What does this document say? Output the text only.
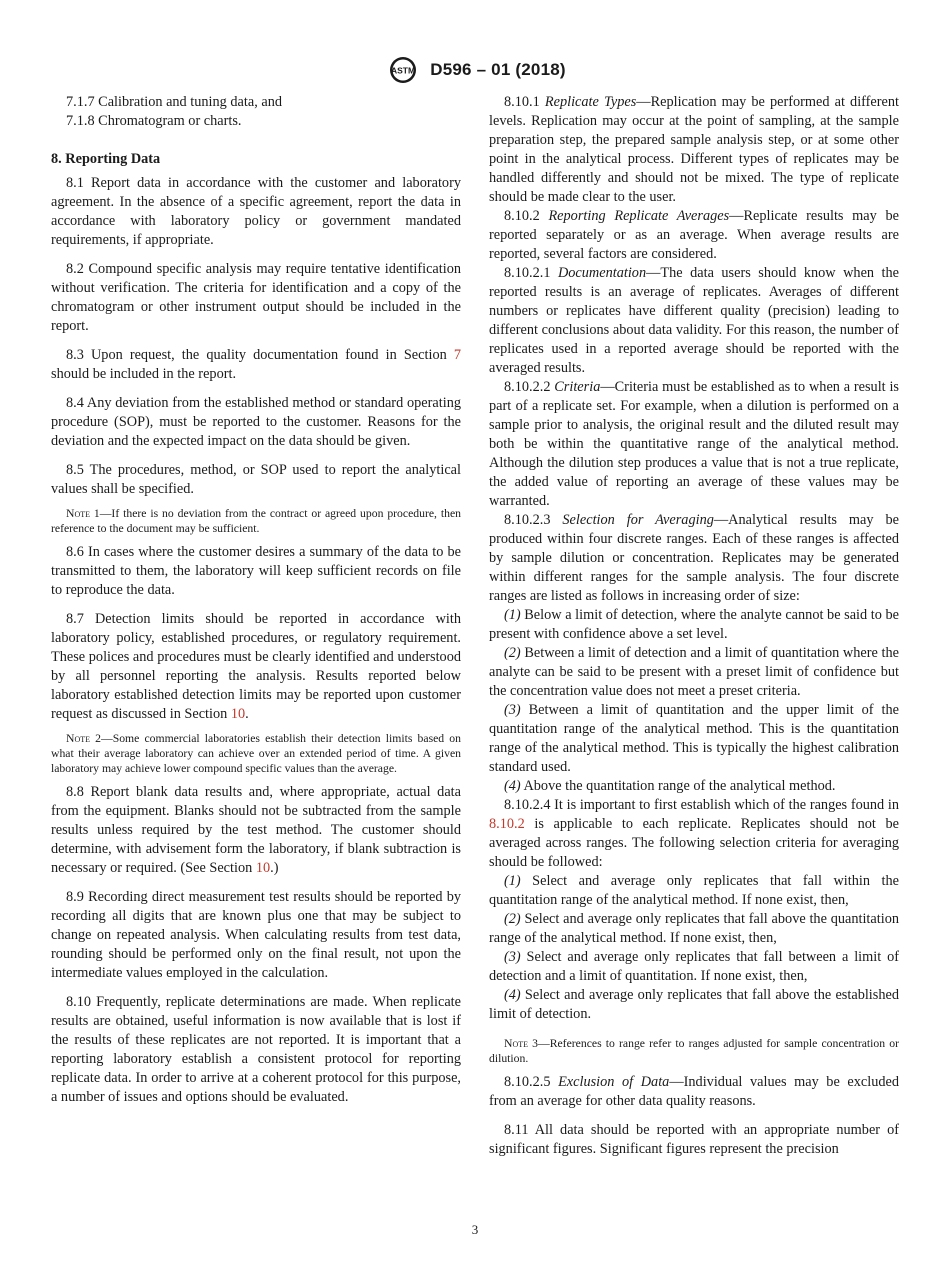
ASTM D596 – 01 (2018)

7.1.7 Calibration and tuning data, and

7.1.8 Chromatogram or charts.

8. Reporting Data

8.1 Report data in accordance with the customer and laboratory agreement. In the absence of a specific agreement, report the data in accordance with laboratory policy or government mandated requirements, if appropriate.

8.2 Compound specific analysis may require tentative identification without verification. The criteria for identification and a copy of the chromatogram or other instrument output should be included in the report.

8.3 Upon request, the quality documentation found in Section 7 should be included in the report.

8.4 Any deviation from the established method or standard operating procedure (SOP), must be reported to the customer. Reasons for the deviation and the expected impact on the data should be given.

8.5 The procedures, method, or SOP used to report the analytical values shall be specified.

Note 1—If there is no deviation from the contract or agreed upon procedure, then reference to the document may be sufficient.

8.6 In cases where the customer desires a summary of the data to be transmitted to them, the laboratory will keep sufficient records on file to reproduce the data.

8.7 Detection limits should be reported in accordance with laboratory policy, established procedures, or regulatory requirement. These polices and procedures must be clearly identified and understood by all personnel reporting the analysis. Results reported below laboratory established detection limits may be reported upon customer request as discussed in Section 10.

Note 2—Some commercial laboratories establish their detection limits based on what their average laboratory can achieve over an extended period of time. A given laboratory may achieve lower compound specific values than the average.

8.8 Report blank data results and, where appropriate, actual data from the equipment. Blanks should not be subtracted from the sample results unless required by the test method. The customer should determine, with advisement form the laboratory, if blank subtraction is necessary or required. (See Section 10.)

8.9 Recording direct measurement test results should be reported by recording all digits that are known plus one that may be subject to change on repeated analysis. When calculating results from test data, rounding should be performed only on the final result, not upon the intermediate values employed in the calculation.

8.10 Frequently, replicate determinations are made. When replicate results are obtained, useful information is now available that is lost if the results of these replicates are not reported. It is important that a reporting laboratory establish a consistent protocol for reporting replicate data. In order to arrive at a coherent protocol for this purpose, a number of issues and options should be evaluated.

8.10.1 Replicate Types—Replication may be performed at different levels. Replication may occur at the point of sampling, at the sample preparation step, the prepared sample analysis step, or at some other point in the analytical process. Different types of replicates may be handled differently and should not be mixed. The type of replicate should be made clear to the user.

8.10.2 Reporting Replicate Averages—Replicate results may be reported separately or as an average. When average results are reported, several factors are considered.

8.10.2.1 Documentation—The data users should know when the reported results is an average of replicates. Averages of different numbers or replicates have different quality (precision) leading to different conclusions about data validity. For this reason, the number of replicates used in a reported average should be reported with the averaged results.

8.10.2.2 Criteria—Criteria must be established as to when a result is part of a replicate set. For example, when a dilution is performed on a sample prior to analysis, the original result and the diluted result may both be within the quantitative range of the analytical method. Although the dilution step produces a value that is not a true replicate, the added value of reporting an average of these values may be warranted.

8.10.2.3 Selection for Averaging—Analytical results may be produced within four discrete ranges. Each of these ranges is affected by sample dilution or concentration. Replicates may be generated within different ranges for the sample analysis. The four discrete ranges are listed as follows in increasing order of size:

(1) Below a limit of detection, where the analyte cannot be said to be present with confidence above a set level.

(2) Between a limit of detection and a limit of quantitation where the analyte can be said to be present with a preset limit of confidence but the concentration value does not meet a preset criteria.

(3) Between a limit of quantitation and the upper limit of the quantitation range of the analytical method. This is the quantitation range of the analytical method. This is typically the highest calibration standard used.

(4) Above the quantitation range of the analytical method.

8.10.2.4 It is important to first establish which of the ranges found in 8.10.2 is applicable to each replicate. Replicates should not be averaged across ranges. The following selection criteria for averaging should be followed:

(1) Select and average only replicates that fall within the quantitation range of the analytical method. If none exist, then,

(2) Select and average only replicates that fall above the quantitation range of the analytical method. If none exist, then,

(3) Select and average only replicates that fall between a limit of detection and a limit of quantitation. If none exist, then,

(4) Select and average only replicates that fall above the established limit of detection.

Note 3—References to range refer to ranges adjusted for sample concentration or dilution.

8.10.2.5 Exclusion of Data—Individual values may be excluded from an average for other data quality reasons.

8.11 All data should be reported with an appropriate number of significant figures. Significant figures represent the precision

3
